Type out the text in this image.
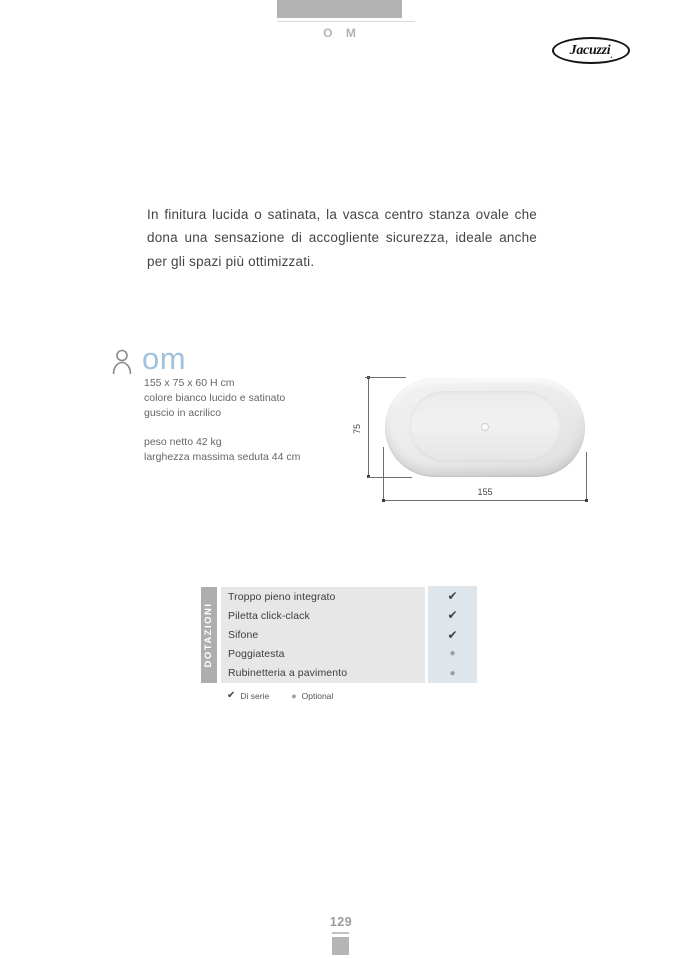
O M
Jacuzzi .

In finitura lucida o satinata, la vasca centro stanza ovale che dona una sensazione di accogliente sicurezza, ideale anche per gli spazi più ottimizzati.

om
155 x 75 x 60 H cm
colore bianco lucido e satinato
guscio in acrilico
peso netto 42 kg
larghezza massima seduta 44 cm
75
155
DOTAZIONI
Troppo pieno integrato
Piletta click-clack
Sifone
Poggiatesta
Rubinetteria a pavimento
✔
✔
✔
●
●
✔ Di serie ● Optional
129
